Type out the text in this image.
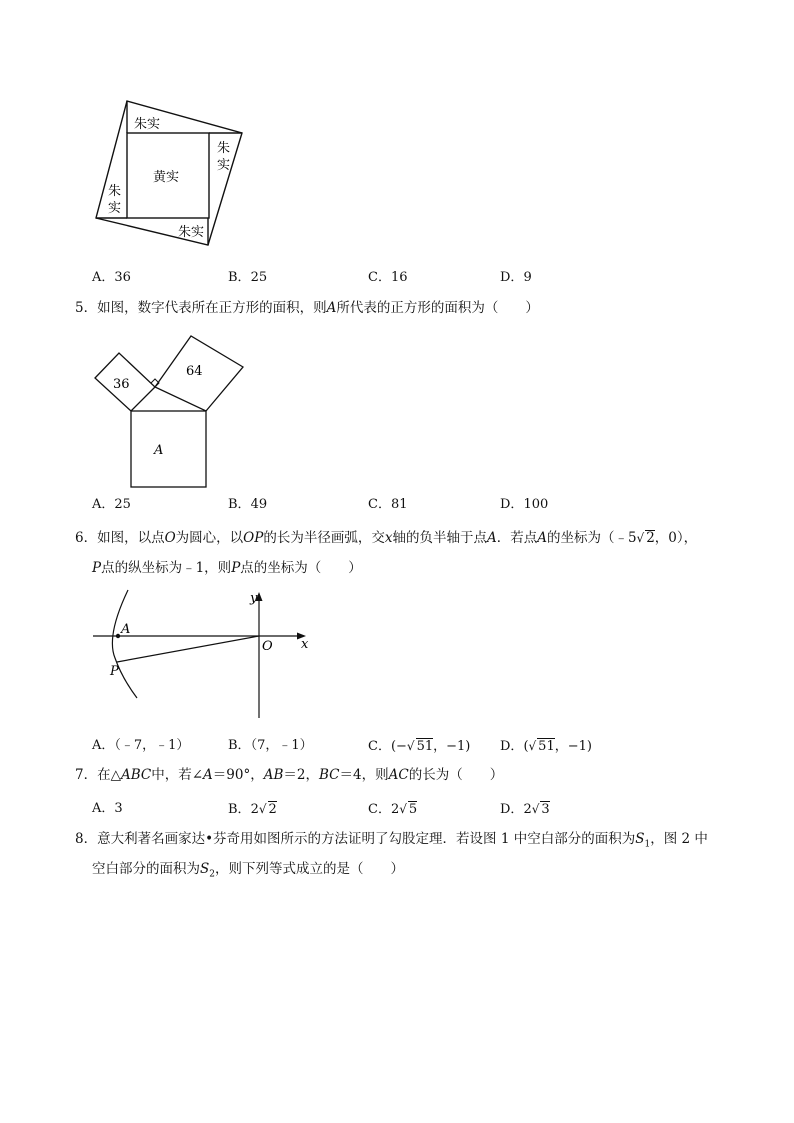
朱实
朱
实
黄实
朱
实
朱实
A．36	B．25	C．16	D．9
5．如图，数字代表所在正方形的面积，则A所代表的正方形的面积为（　　）
36
64
A
A．25	B．49	C．81	D．100
6．如图，以点O为圆心，以OP的长为半径画弧，交x轴的负半轴于点A．若点A的坐标为（﹣5√ 2，0），
P点的纵坐标为﹣1，则P点的坐标为（　　）
y
x
O
A
P
A．（﹣7，﹣1）	B．（7，﹣1）	C．(−√ 51，−1) D．(√ 51，−1)
7．在△ABC中，若∠A＝90°，AB＝2，BC＝4，则AC的长为（　　）
A．3	B．2√ 2	C．2√ 5	D．2√ 3
8．意大利著名画家达•芬奇用如图所示的方法证明了勾股定理．若设图 1 中空白部分的面积为$S_1$，图 2 中
空白部分的面积为$S_2$，则下列等式成立的是（　　）
